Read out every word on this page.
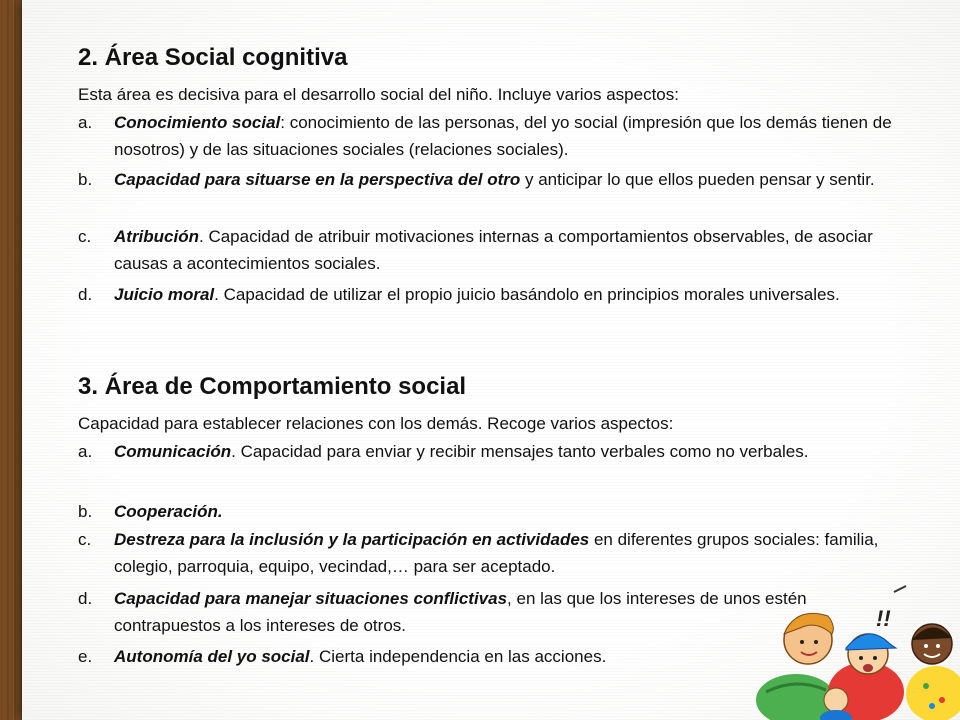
2. Área Social cognitiva
Esta área es decisiva para el desarrollo social del niño. Incluye varios aspectos:
a.	Conocimiento social: conocimiento de las personas, del yo social (impresión que los demás tienen de nosotros) y de las situaciones sociales (relaciones sociales).
b.	Capacidad para situarse en la perspectiva del otro y anticipar lo que ellos pueden pensar y sentir.
c.	Atribución. Capacidad de atribuir motivaciones internas a comportamientos observables, de asociar causas a acontecimientos sociales.
d.	Juicio moral. Capacidad de utilizar el propio juicio basándolo en principios morales universales.
3. Área de Comportamiento social
Capacidad para establecer relaciones con los demás. Recoge varios aspectos:
a.	Comunicación. Capacidad para enviar y recibir mensajes tanto verbales como no verbales.
b.	Cooperación.
c.	Destreza para la inclusión y la participación en actividades en diferentes grupos sociales: familia, colegio, parroquia, equipo, vecindad,… para ser aceptado.
d.	Capacidad para manejar situaciones conflictivas, en las que los intereses de unos estén contrapuestos a los intereses de otros.
e.	Autonomía del yo social. Cierta independencia en las acciones.
!!
